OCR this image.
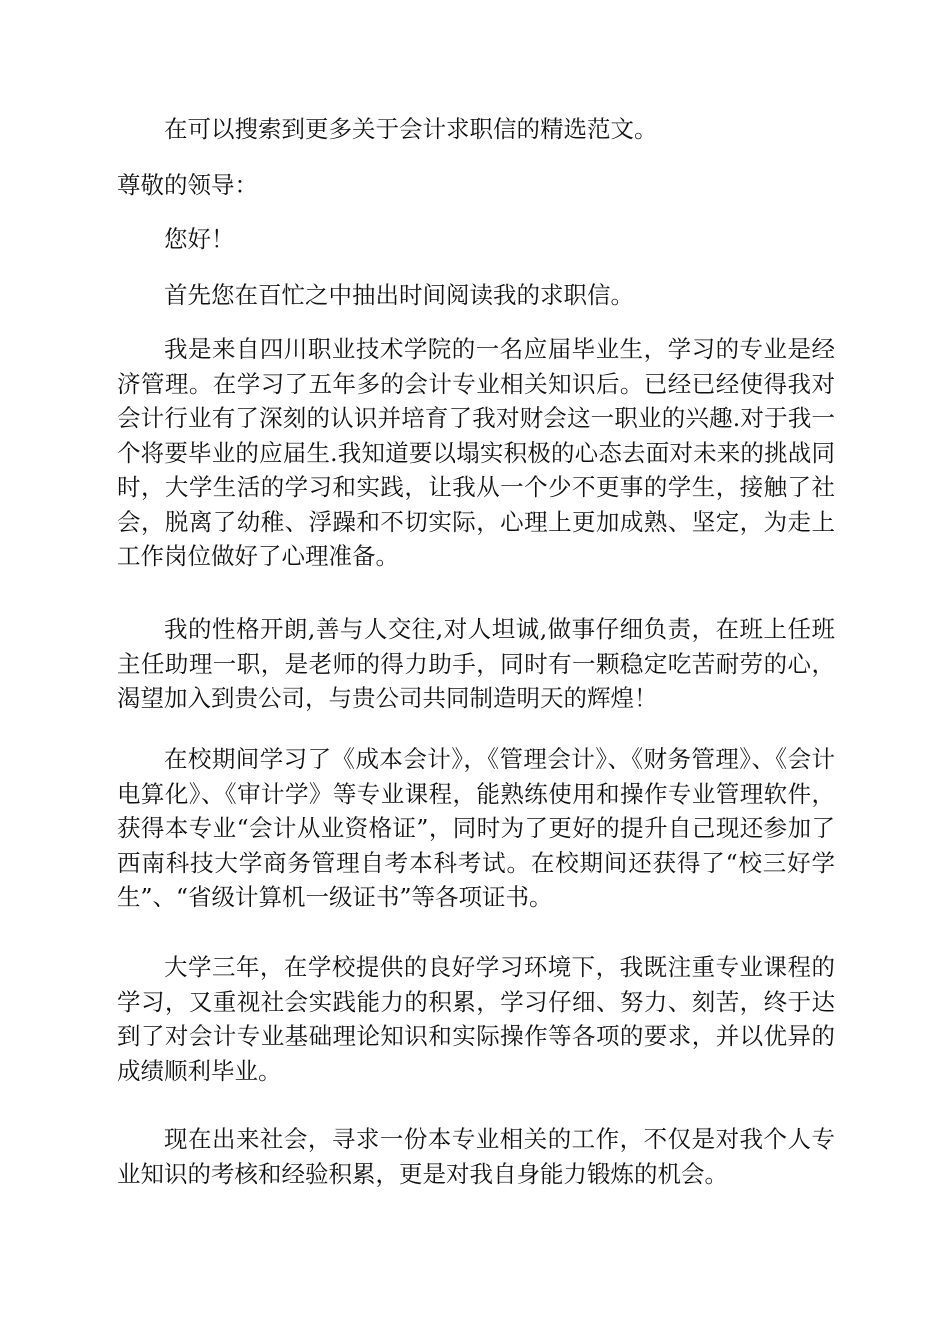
在可以搜索到更多关于会计求职信的精选范文。

尊敬的领导：

您好！

首先您在百忙之中抽出时间阅读我的求职信。

我是来自四川职业技术学院的一名应届毕业生，学习的专业是经济管理。在学习了五年多的会计专业相关知识后。已经已经使得我对会计行业有了深刻的认识并培育了我对财会这一职业的兴趣.对于我一个将要毕业的应届生.我知道要以塌实积极的心态去面对未来的挑战同时，大学生活的学习和实践，让我从一个少不更事的学生，接触了社会，脱离了幼稚、浮躁和不切实际，心理上更加成熟、坚定，为走上工作岗位做好了心理准备。

我的性格开朗,善与人交往,对人坦诚,做事仔细负责，在班上任班主任助理一职，是老师的得力助手，同时有一颗稳定吃苦耐劳的心，渴望加入到贵公司，与贵公司共同制造明天的辉煌！

在校期间学习了《成本会计》，《管理会计》、《财务管理》、《会计电算化》、《审计学》等专业课程，能熟练使用和操作专业管理软件，获得本专业“会计从业资格证”，同时为了更好的提升自己现还参加了西南科技大学商务管理自考本科考试。在校期间还获得了“校三好学生”、“省级计算机一级证书”等各项证书。

大学三年，在学校提供的良好学习环境下，我既注重专业课程的学习，又重视社会实践能力的积累，学习仔细、努力、刻苦，终于达到了对会计专业基础理论知识和实际操作等各项的要求，并以优异的成绩顺利毕业。

现在出来社会，寻求一份本专业相关的工作，不仅是对我个人专业知识的考核和经验积累，更是对我自身能力锻炼的机会。
